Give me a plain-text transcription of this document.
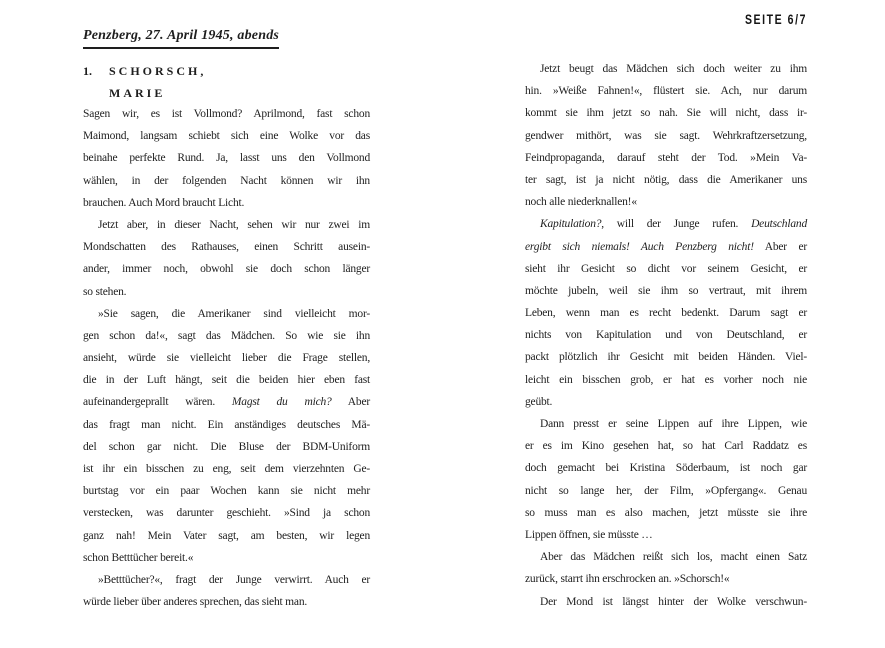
Penzberg, 27. April 1945, abends
1.	SCHORSCH,
MARIE
Sagen wir, es ist Vollmond? Aprilmond, fast schon
Maimond, langsam schiebt sich eine Wolke vor das
beinahe perfekte Rund. Ja, lasst uns den Vollmond
wählen, in der folgenden Nacht können wir ihn
brauchen. Auch Mord braucht Licht.
Jetzt aber, in dieser Nacht, sehen wir nur zwei im
Mondschatten des Rathauses, einen Schritt ausein-
ander, immer noch, obwohl sie doch schon länger
so stehen.
»Sie sagen, die Amerikaner sind vielleicht mor-
gen schon da!«, sagt das Mädchen. So wie sie ihn
ansieht, würde sie vielleicht lieber die Frage stellen,
die in der Luft hängt, seit die beiden hier eben fast
aufeinandergeprallt wären. Magst du mich? Aber
das fragt man nicht. Ein anständiges deutsches Mä-
del schon gar nicht. Die Bluse der BDM-Uniform
ist ihr ein bisschen zu eng, seit dem vierzehnten Ge-
burtstag vor ein paar Wochen kann sie nicht mehr
verstecken, was darunter geschieht. »Sind ja schon
ganz nah! Mein Vater sagt, am besten, wir legen
schon Betttücher bereit.«
»Betttücher?«, fragt der Junge verwirrt. Auch er
würde lieber über anderes sprechen, das sieht man.
SEITE 6/7
Jetzt beugt das Mädchen sich doch weiter zu ihm
hin. »Weiße Fahnen!«, flüstert sie. Ach, nur darum
kommt sie ihm jetzt so nah. Sie will nicht, dass ir-
gendwer mithört, was sie sagt. Wehrkraftzersetzung,
Feindpropaganda, darauf steht der Tod. »Mein Va-
ter sagt, ist ja nicht nötig, dass die Amerikaner uns
noch alle niederknallen!«
Kapitulation?, will der Junge rufen. Deutschland
ergibt sich niemals! Auch Penzberg nicht! Aber er
sieht ihr Gesicht so dicht vor seinem Gesicht, er
möchte jubeln, weil sie ihm so vertraut, mit ihrem
Leben, wenn man es recht bedenkt. Darum sagt er
nichts von Kapitulation und von Deutschland, er
packt plötzlich ihr Gesicht mit beiden Händen. Viel-
leicht ein bisschen grob, er hat es vorher noch nie
geübt.
Dann presst er seine Lippen auf ihre Lippen, wie
er es im Kino gesehen hat, so hat Carl Raddatz es
doch gemacht bei Kristina Söderbaum, ist noch gar
nicht so lange her, der Film, »Opfergang«. Genau
so muss man es also machen, jetzt müsste sie ihre
Lippen öffnen, sie müsste …
Aber das Mädchen reißt sich los, macht einen Satz
zurück, starrt ihn erschrocken an. »Schorsch!«
Der Mond ist längst hinter der Wolke verschwun-
